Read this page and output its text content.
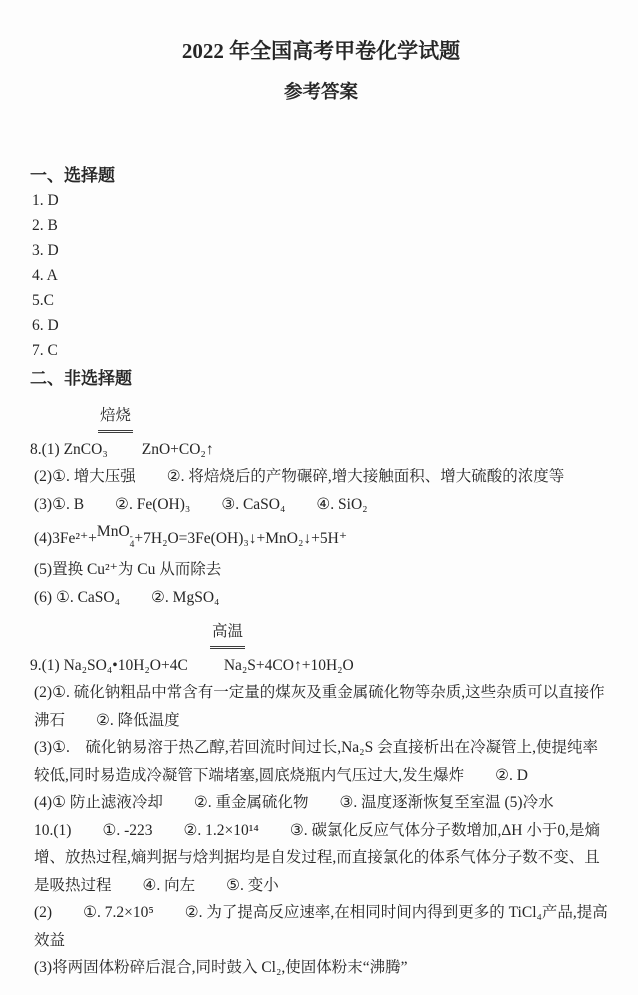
2022 年全国高考甲卷化学试题

参考答案

一、选择题

1. D

2. B

3. D

4. A

5.C

6. D

7. C

二、非选择题

焙烧

8.(1) ZnCO₃ ZnO+CO₂↑

(2)①. 增大压强　　②. 将焙烧后的产物碾碎,增大接触面积、增大硫酸的浓度等

(3)①. B　　②. Fe(OH)₃　　③. CaSO₄　　④. SiO₂

(4)3Fe²⁺+MnO -
4 +7H₂O=3Fe(OH)₃↓+MnO₂↓+5H⁺

(5)置换 Cu²⁺为 Cu 从而除去

(6) ①. CaSO₄　　②. MgSO₄

高温

9.(1) Na₂SO₄•10H₂O+4C Na₂S+4CO↑+10H₂O

(2)①. 硫化钠粗品中常含有一定量的煤灰及重金属硫化物等杂质,这些杂质可以直接作沸石　　②. 降低温度

(3)①.　硫化钠易溶于热乙醇,若回流时间过长,Na₂S 会直接析出在冷凝管上,使提纯率较低,同时易造成冷凝管下端堵塞,圆底烧瓶内气压过大,发生爆炸　　②. D

(4)① 防止滤液冷却　　②. 重金属硫化物　　③. 温度逐渐恢复至室温 (5)冷水

10.(1)　　①. -223　　②. 1.2×10¹⁴　　③. 碳氯化反应气体分子数增加,ΔH 小于0,是熵增、放热过程,熵判据与焓判据均是自发过程,而直接氯化的体系气体分子数不变、且是吸热过程　　④. 向左　　⑤. 变小

(2)　　①. 7.2×10⁵　　②. 为了提高反应速率,在相同时间内得到更多的 TiCl₄产品,提高效益

(3)将两固体粉碎后混合,同时鼓入 Cl₂,使固体粉末“沸腾”
